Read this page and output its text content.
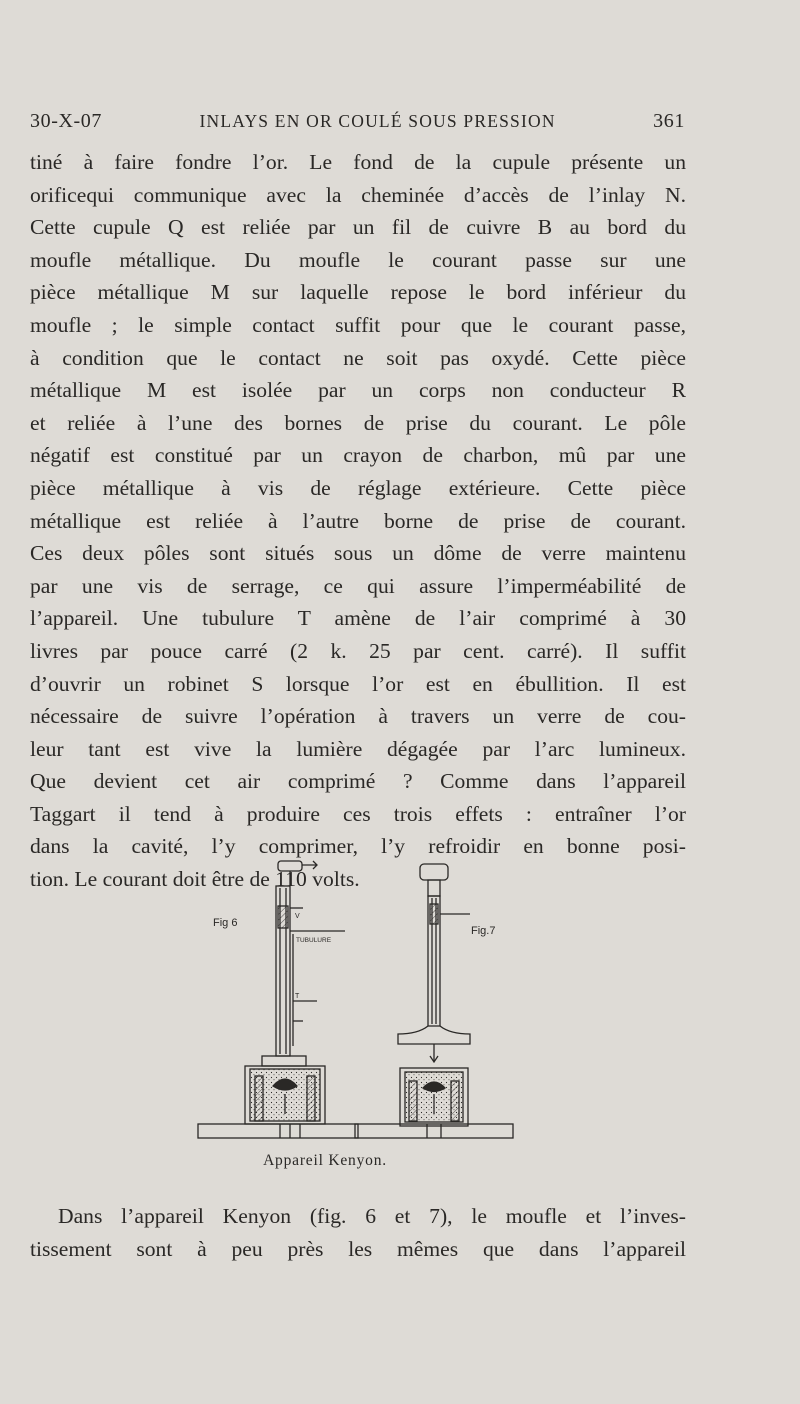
30-X-07	INLAYS EN OR COULÉ SOUS PRESSION	361
tiné à faire fondre l’or. Le fond de la cupule présente un
orificequi communique avec la cheminée d’accès de l’inlay N.
Cette cupule Q est reliée par un fil de cuivre B au bord du
moufle métallique. Du moufle le courant passe sur une
pièce métallique M sur laquelle repose le bord inférieur du
moufle ; le simple contact suffit pour que le courant passe,
à condition que le contact ne soit pas oxydé. Cette pièce
métallique M est isolée par un corps non conducteur R
et reliée à l’une des bornes de prise du courant. Le pôle
négatif est constitué par un crayon de charbon, mû par une
pièce métallique à vis de réglage extérieure. Cette pièce
métallique est reliée à l’autre borne de prise de courant.
Ces deux pôles sont situés sous un dôme de verre maintenu
par une vis de serrage, ce qui assure l’imperméabilité de
l’appareil. Une tubulure T amène de l’air comprimé à 30
livres par pouce carré (2 k. 25 par cent. carré). Il suffit
d’ouvrir un robinet S lorsque l’or est en ébullition. Il est
nécessaire de suivre l’opération à travers un verre de cou-
leur tant est vive la lumière dégagée par l’arc lumineux.
Que devient cet air comprimé ? Comme dans l’appareil
Taggart il tend à produire ces trois effets : entraîner l’or
dans la cavité, l’y comprimer, l’y refroidir en bonne posi-
tion. Le courant doit être de 110 volts.
Fig 6
V
TUBULURE
T
Fig.7
Appareil Kenyon.
Dans l’appareil Kenyon (fig. 6 et 7), le moufle et l’inves-
tissement sont à peu près les mêmes que dans l’appareil
